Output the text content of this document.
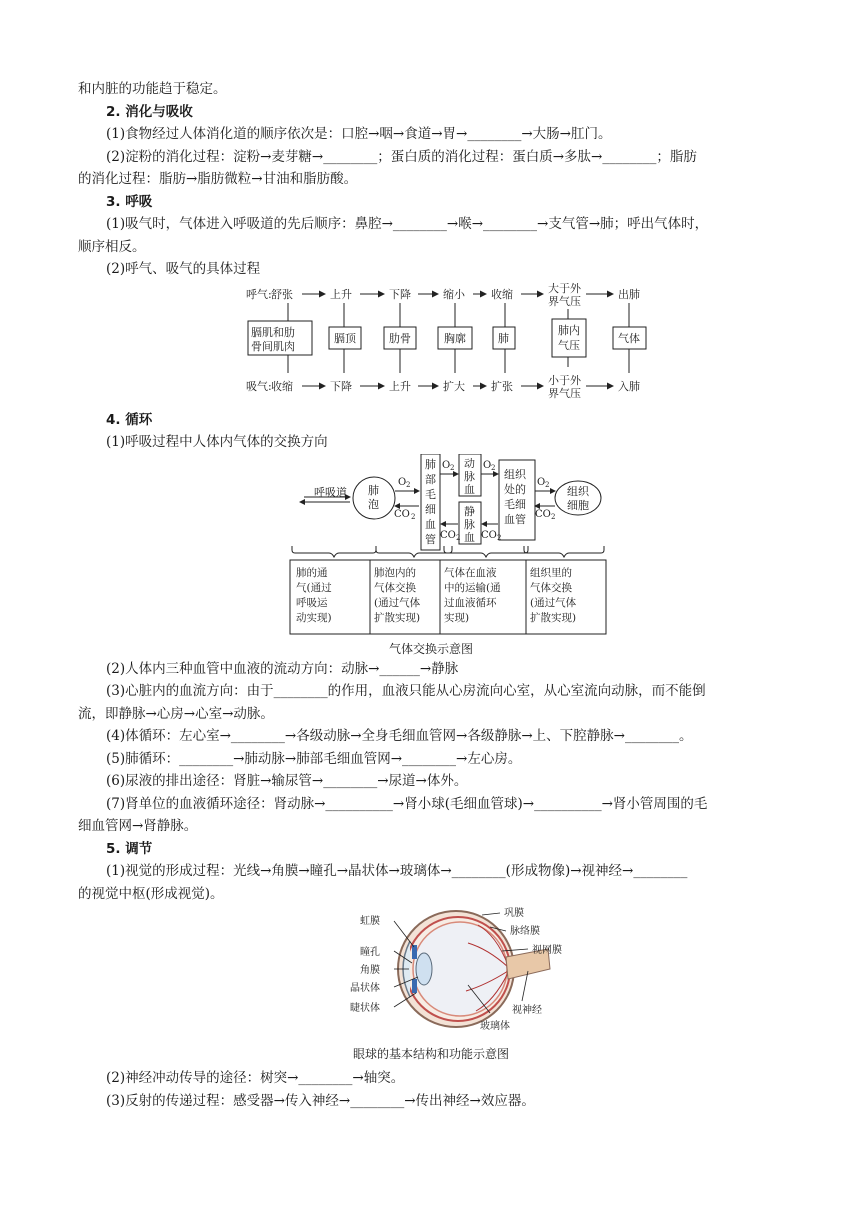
和内脏的功能趋于稳定。

2. 消化与吸收

(1)食物经过人体消化道的顺序依次是：口腔→咽→食道→胃→________→大肠→肛门。

(2)淀粉的消化过程：淀粉→麦芽糖→________；蛋白质的消化过程：蛋白质→多肽→________；脂肪

的消化过程：脂肪→脂肪微粒→甘油和脂肪酸。

3. 呼吸

(1)吸气时，气体进入呼吸道的先后顺序：鼻腔→________→喉→________→支气管→肺；呼出气体时，

顺序相反。

(2)呼气、吸气的具体过程

呼气: 舒张	上升	下降	缩小 收缩	大于外
界气压
出肺
膈肌和肋
骨间肌肉
膈顶	肋骨	胸廓	肺
肺内
气压
气体
吸气: 收缩	下降	上升	扩大 扩张	小于外
界气压
入肺

4. 循环

(1)呼吸过程中人体内气体的交换方向

呼吸道 肺
泡
O 2
CO 2
肺
部
毛
细
血
管
O 2	O 2
动
脉
血
静
脉
血
CO 2 CO 2
组织
处的
毛细
血管
O 2
CO 2
组织
细胞
肺的通
气(通过
呼吸运
动实现)
肺泡内的
气体交换
(通过气体
扩散实现)
气体在血液
中的运输(通
过血液循环
实现)
组织里的
气体交换
(通过气体
扩散实现)
气体交换示意图

(2)人体内三种血管中血液的流动方向：动脉→______→静脉

(3)心脏内的血流方向：由于________的作用，血液只能从心房流向心室，从心室流向动脉，而不能倒

流，即静脉→心房→心室→动脉。

(4)体循环：左心室→________→各级动脉→全身毛细血管网→各级静脉→上、下腔静脉→________。

(5)肺循环：________→肺动脉→肺部毛细血管网→________→左心房。

(6)尿液的排出途径：肾脏→输尿管→________→尿道→体外。

(7)肾单位的血液循环途径：肾动脉→__________→肾小球(毛细血管球)→__________→肾小管周围的毛

细血管网→肾静脉。

5. 调节

(1)视觉的形成过程：光线→角膜→瞳孔→晶状体→玻璃体→________(形成物像)→视神经→________

的视觉中枢(形成视觉)。

虹膜
瞳孔
角膜
晶状体
睫状体
巩膜
脉络膜
视网膜
视神经
玻璃体
眼球的基本结构和功能示意图

(2)神经冲动传导的途径：树突→________→轴突。

(3)反射的传递过程：感受器→传入神经→________→传出神经→效应器。
